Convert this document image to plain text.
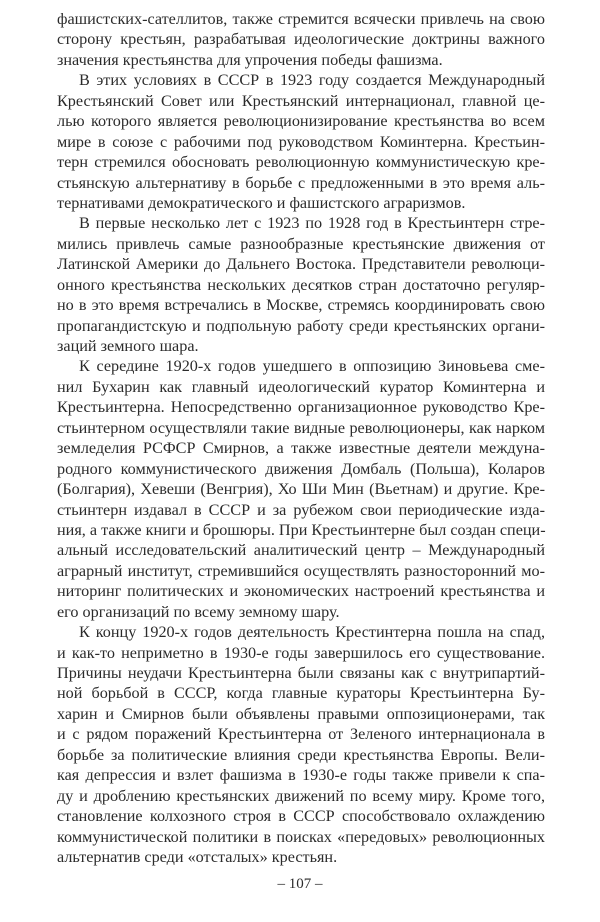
фашистских-сателлитов, также стремится всячески привлечь на свою
сторону крестьян, разрабатывая идеологические доктрины важного
значения крестьянства для упрочения победы фашизма.
В этих условиях в СССР в 1923 году создается Международный
Крестьянский Совет или Крестьянский интернационал, главной це-
лью которого является революционизирование крестьянства во всем
мире в союзе с рабочими под руководством Коминтерна. Крестьин-
терн стремился обосновать революционную коммунистическую кре-
стьянскую альтернативу в борьбе с предложенными в это время аль-
тернативами демократического и фашистского аграризмов.
В первые несколько лет с 1923 по 1928 год в Крестьинтерн стре-
мились привлечь самые разнообразные крестьянские движения от
Латинской Америки до Дальнего Востока. Представители революци-
онного крестьянства нескольких десятков стран достаточно регуляр-
но в это время встречались в Москве, стремясь координировать свою
пропагандистскую и подпольную работу среди крестьянских органи-
заций земного шара.
К середине 1920-х годов ушедшего в оппозицию Зиновьева сме-
нил Бухарин как главный идеологический куратор Коминтерна и
Крестьинтерна. Непосредственно организационное руководство Кре-
стьинтерном осуществляли такие видные революционеры, как нарком
земледелия РСФСР Смирнов, а также известные деятели междуна-
родного коммунистического движения Домбаль (Польша), Коларов
(Болгария), Хевеши (Венгрия), Хо Ши Мин (Вьетнам) и другие. Кре-
стьинтерн издавал в СССР и за рубежом свои периодические изда-
ния, а также книги и брошюры. При Крестьинтерне был создан специ-
альный исследовательский аналитический центр – Международный
аграрный институт, стремившийся осуществлять разносторонний мо-
ниторинг политических и экономических настроений крестьянства и
его организаций по всему земному шару.
К концу 1920-х годов деятельность Крестинтерна пошла на спад,
и как-то неприметно в 1930-е годы завершилось его существование.
Причины неудачи Крестьинтерна были связаны как с внутрипартий-
ной борьбой в СССР, когда главные кураторы Крестьинтерна Бу-
харин и Смирнов были объявлены правыми оппозиционерами, так
и с рядом поражений Крестьинтерна от Зеленого интернационала в
борьбе за политические влияния среди крестьянства Европы. Вели-
кая депрессия и взлет фашизма в 1930-е годы также привели к спа-
ду и дроблению крестьянских движений по всему миру. Кроме того,
становление колхозного строя в СССР способствовало охлаждению
коммунистической политики в поисках «передовых» революционных
альтернатив среди «отсталых» крестьян.
– 107 –
